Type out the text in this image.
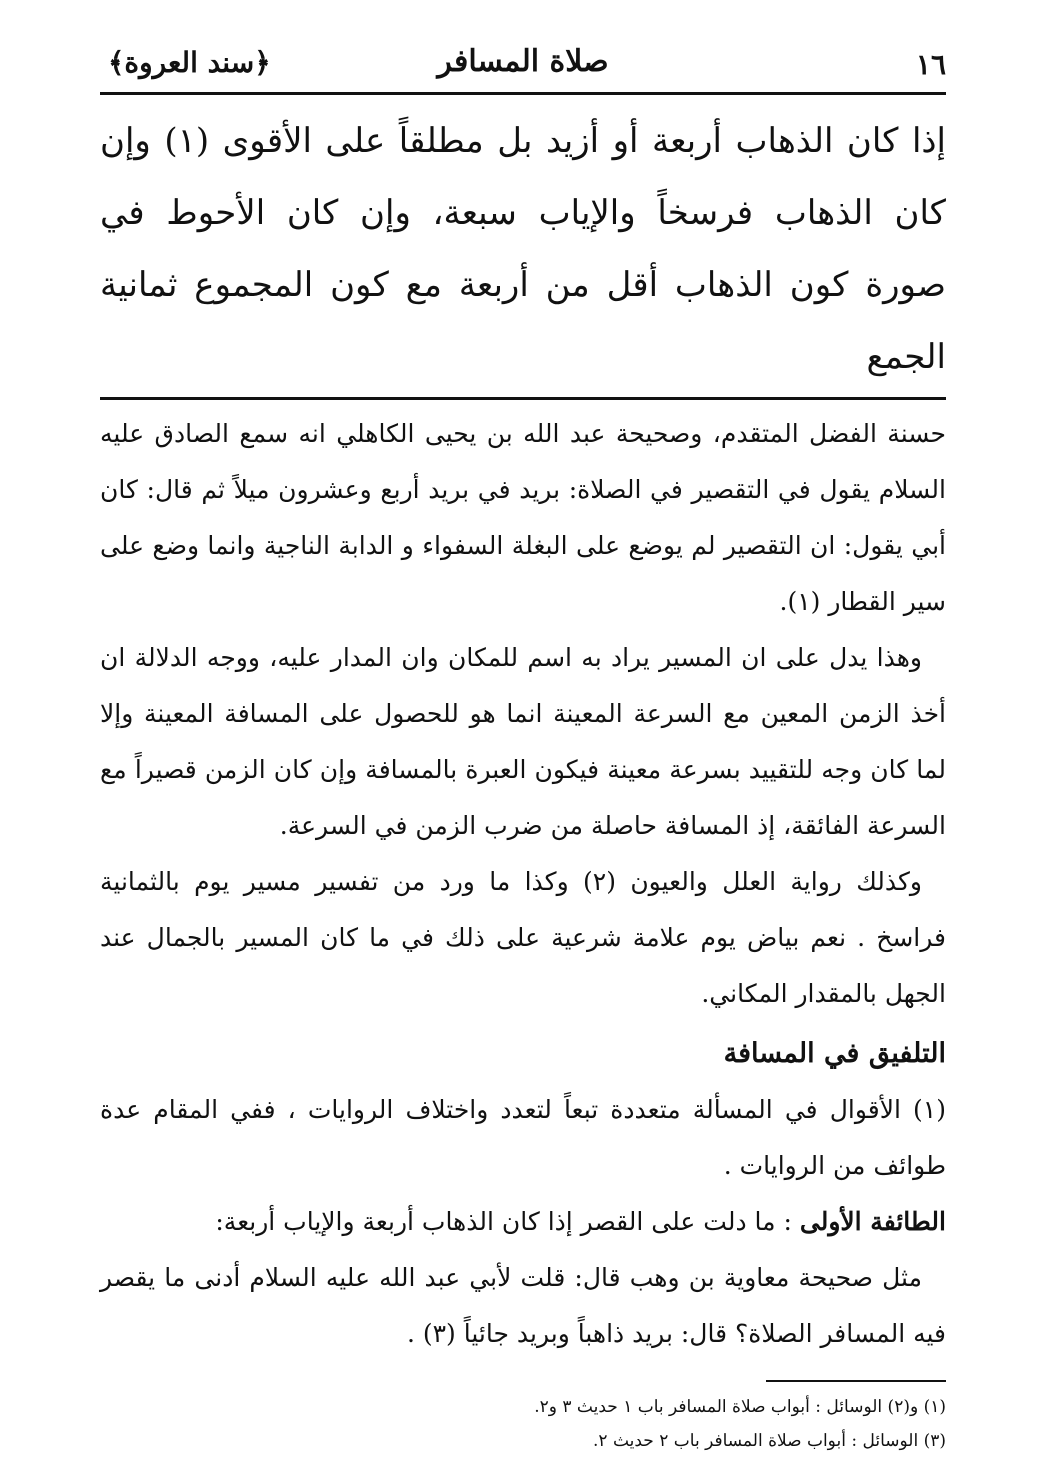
١٦
صلاة المسافر
﴿سند العروة﴾
إذا كان الذهاب أربعة أو أزيد بل مطلقاً على الأقوى (١) وإن كان الذهاب فرسخاً والإياب سبعة، وإن كان الأحوط في صورة كون الذهاب أقل من أربعة مع كون المجموع ثمانية الجمع

حسنة الفضل المتقدم، وصحيحة عبد الله بن يحيى الكاهلي انه سمع الصادق عليه السلام يقول في التقصير في الصلاة: بريد في بريد أربع وعشرون ميلاً ثم قال: كان أبي يقول: ان التقصير لم يوضع على البغلة السفواء و الدابة الناجية وانما وضع على سير القطار (١).

وهذا يدل على ان المسير يراد به اسم للمكان وان المدار عليه، ووجه الدلالة ان أخذ الزمن المعين مع السرعة المعينة انما هو للحصول على المسافة المعينة وإلا لما كان وجه للتقييد بسرعة معينة فيكون العبرة بالمسافة وإن كان الزمن قصيراً مع السرعة الفائقة، إذ المسافة حاصلة من ضرب الزمن في السرعة.

وكذلك رواية العلل والعيون (٢) وكذا ما ورد من تفسير مسير يوم بالثمانية فراسخ . نعم بياض يوم علامة شرعية على ذلك في ما كان المسير بالجمال عند الجهل بالمقدار المكاني.

التلفيق في المسافة

(١) الأقوال في المسألة متعددة تبعاً لتعدد واختلاف الروايات ، ففي المقام عدة طوائف من الروايات .

الطائفة الأولى : ما دلت على القصر إذا كان الذهاب أربعة والإياب أربعة:

مثل صحيحة معاوية بن وهب قال: قلت لأبي عبد الله عليه السلام أدنى ما يقصر فيه المسافر الصلاة؟ قال: بريد ذاهباً وبريد جائياً (٣) .

(١) و(٢) الوسائل : أبواب صلاة المسافر باب ١ حديث ٣ و٢.

(٣) الوسائل : أبواب صلاة المسافر باب ٢ حديث ٢.
